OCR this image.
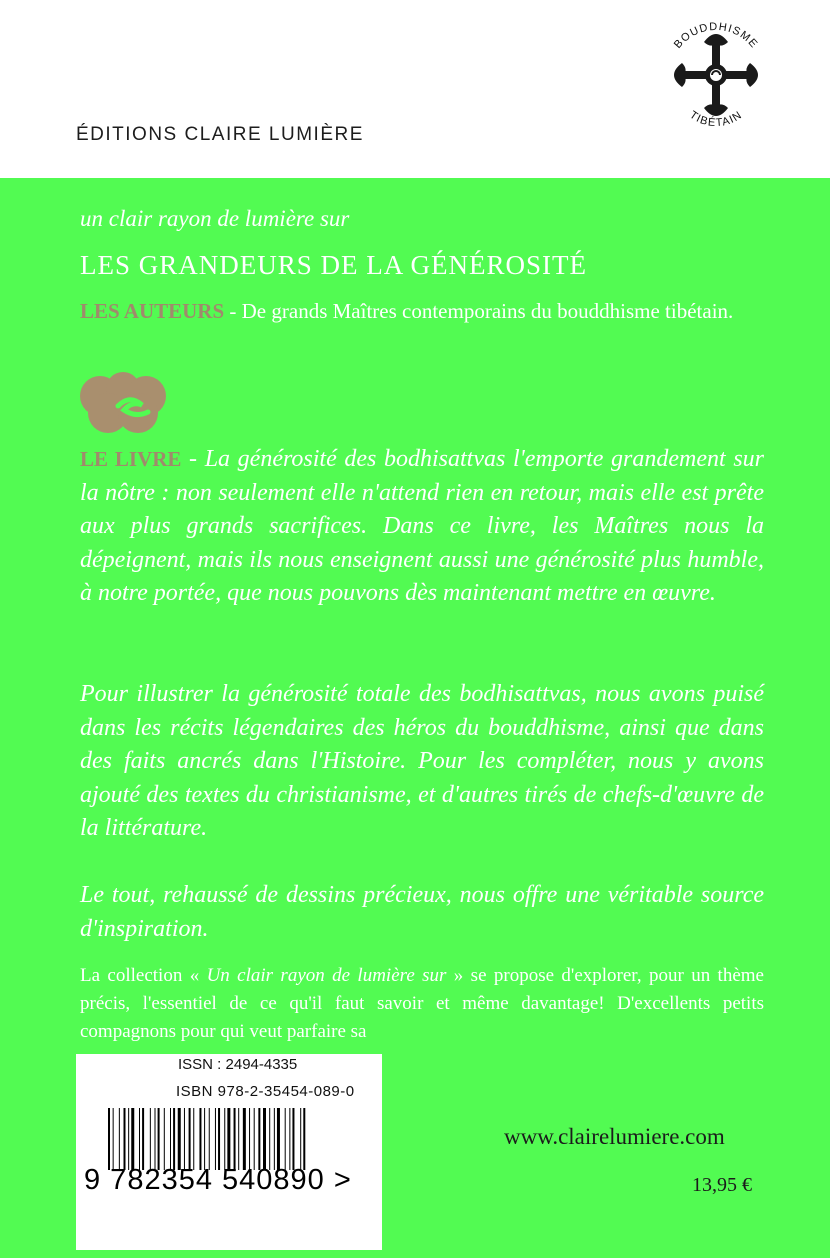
ÉDITIONS CLAIRE LUMIÈRE
BOUDDHISME
TIBÉTAIN
un clair rayon de lumière sur
LES GRANDEURS DE LA GÉNÉROSITÉ
LES AUTEURS - De grands Maîtres contemporains du bouddhisme tibétain.
LE LIVRE - La générosité des bodhisattvas l'emporte grandement sur la nôtre : non seulement elle n'attend rien en retour, mais elle est prête aux plus grands sacrifices. Dans ce livre, les Maîtres nous la dépeignent, mais ils nous enseignent aussi une générosité plus humble, à notre portée, que nous pouvons dès maintenant mettre en œuvre.
Pour illustrer la générosité totale des bodhisattvas, nous avons puisé dans les récits légendaires des héros du bouddhisme, ainsi que dans des faits ancrés dans l'Histoire. Pour les compléter, nous y avons ajouté des textes du christianisme, et d'autres tirés de chefs-d'œuvre de la littérature.
Le tout, rehaussé de dessins précieux, nous offre une véritable source d'inspiration.
La collection « Un clair rayon de lumière sur » se propose d'explorer, pour un thème précis, l'essentiel de ce qu'il faut savoir et même davantage! D'excellents petits compagnons pour qui veut parfaire sa
ISSN : 2494-4335
ISBN 978-2-35454-089-0
9 782354 540890 >
www.clairelumiere.com
13,95 €
